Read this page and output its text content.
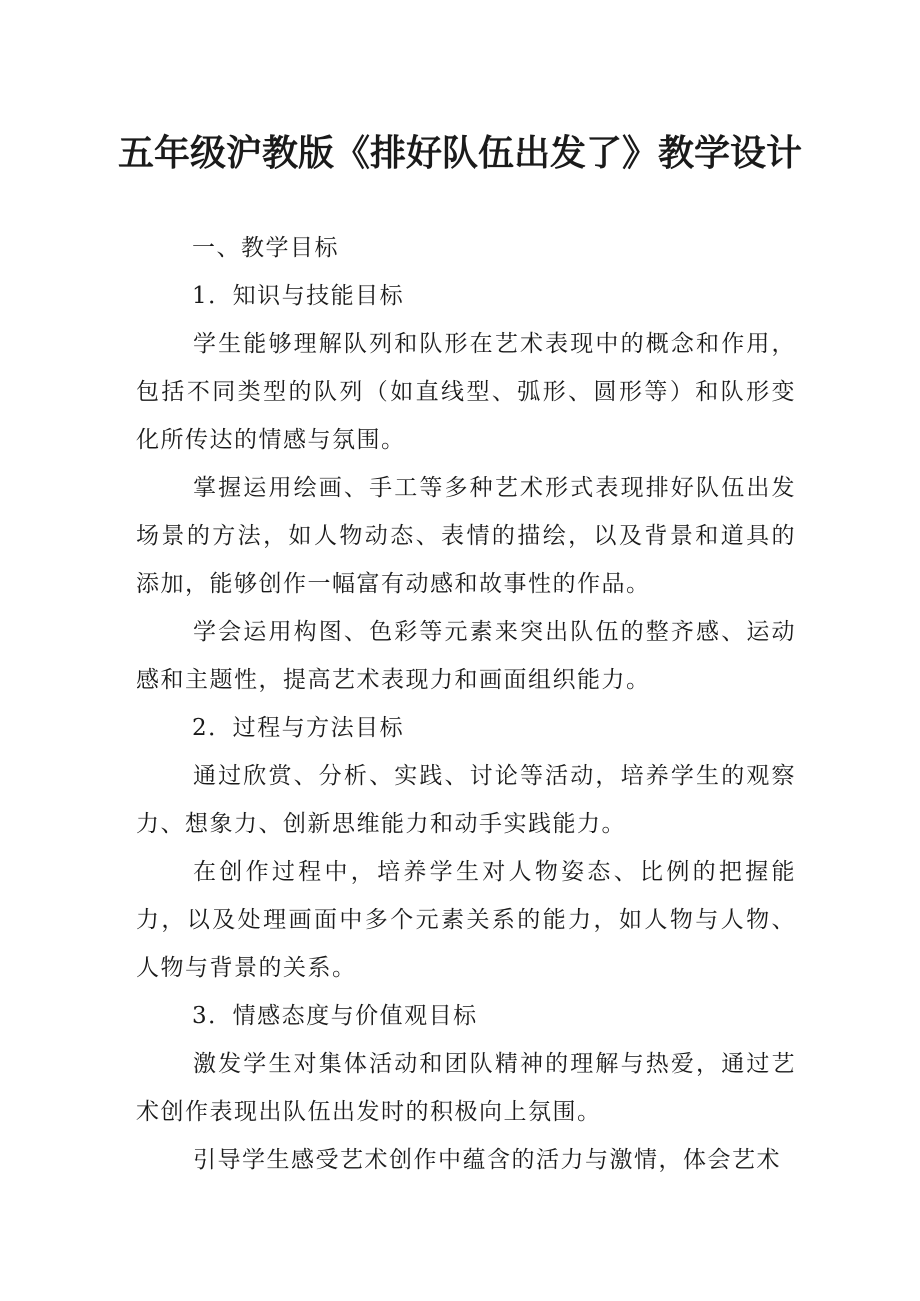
五年级沪教版《排好队伍出发了》教学设计

一、教学目标

1．知识与技能目标

学生能够理解队列和队形在艺术表现中的概念和作用，包括不同类型的队列（如直线型、弧形、圆形等）和队形变化所传达的情感与氛围。

掌握运用绘画、手工等多种艺术形式表现排好队伍出发场景的方法，如人物动态、表情的描绘，以及背景和道具的添加，能够创作一幅富有动感和故事性的作品。

学会运用构图、色彩等元素来突出队伍的整齐感、运动感和主题性，提高艺术表现力和画面组织能力。

2．过程与方法目标

通过欣赏、分析、实践、讨论等活动，培养学生的观察力、想象力、创新思维能力和动手实践能力。

在创作过程中，培养学生对人物姿态、比例的把握能力，以及处理画面中多个元素关系的能力，如人物与人物、人物与背景的关系。

3．情感态度与价值观目标

激发学生对集体活动和团队精神的理解与热爱，通过艺术创作表现出队伍出发时的积极向上氛围。

引导学生感受艺术创作中蕴含的活力与激情，体会艺术
